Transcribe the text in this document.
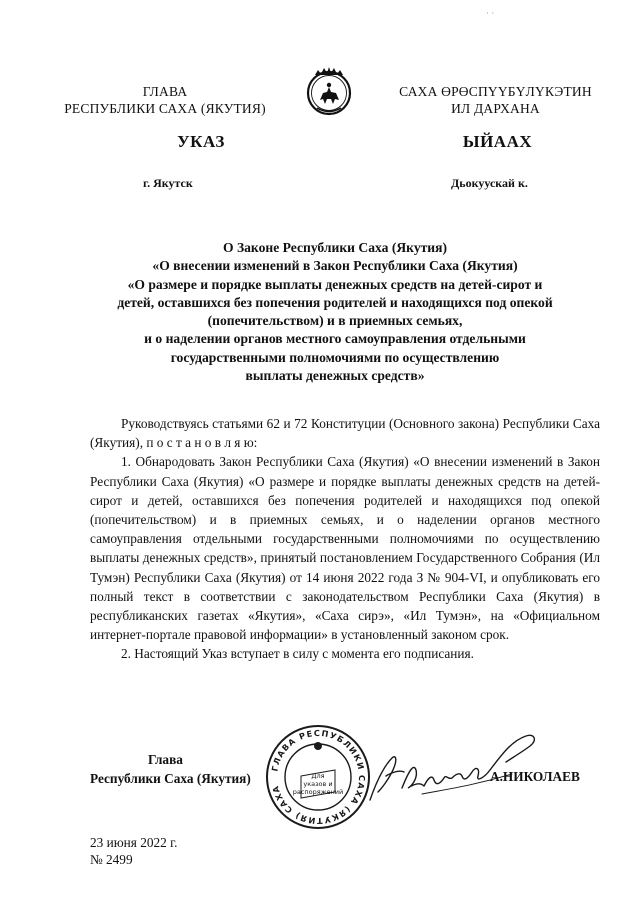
· ·
ГЛАВА
РЕСПУБЛИКИ САХА (ЯКУТИЯ)
САХА ӨРӨСПҮҮБҮЛҮКЭТИН
ИЛ ДАРХАНА
УКАЗ	ЫЙААХ
г. Якутск	Дьокуускай к.
О Законе Республики Саха (Якутия)
«О внесении изменений в Закон Республики Саха (Якутия)
«О размере и порядке выплаты денежных средств на детей-сирот и
детей, оставшихся без попечения родителей и находящихся под опекой
(попечительством) и в приемных семьях,
и о наделении органов местного самоуправления отдельными
государственными полномочиями по осуществлению
выплаты денежных средств»

Руководствуясь статьями 62 и 72 Конституции (Основного закона) Республики Саха (Якутия), п о с т а н о в л я ю:

1. Обнародовать Закон Республики Саха (Якутия) «О внесении изменений в Закон Республики Саха (Якутия) «О размере и порядке выплаты денежных средств на детей-сирот и детей, оставшихся без попечения родителей и находящихся под опекой (попечительством) и в приемных семьях, и о наделении органов местного самоуправления отдельными государственными полномочиями по осуществлению выплаты денежных средств», принятый постановлением Государственного Собрания (Ил Тумэн) Республики Саха (Якутия) от 14 июня 2022 года З № 904-VI, и опубликовать его полный текст в соответствии с законодательством Республики Саха (Якутия) в республиканских газетах «Якутия», «Саха сирэ», «Ил Тумэн», на «Официальном интернет-портале правовой информации» в установленный законом срок.

2. Настоящий Указ вступает в силу с момента его подписания.

Глава
Республики Саха (Якутия)
ГЛАВА РЕСПУБЛИКИ САХА (ЯКУТИЯ) САХА
Для
указов и
распоряжений
А.НИКОЛАЕВ
23 июня 2022 г.
№ 2499
